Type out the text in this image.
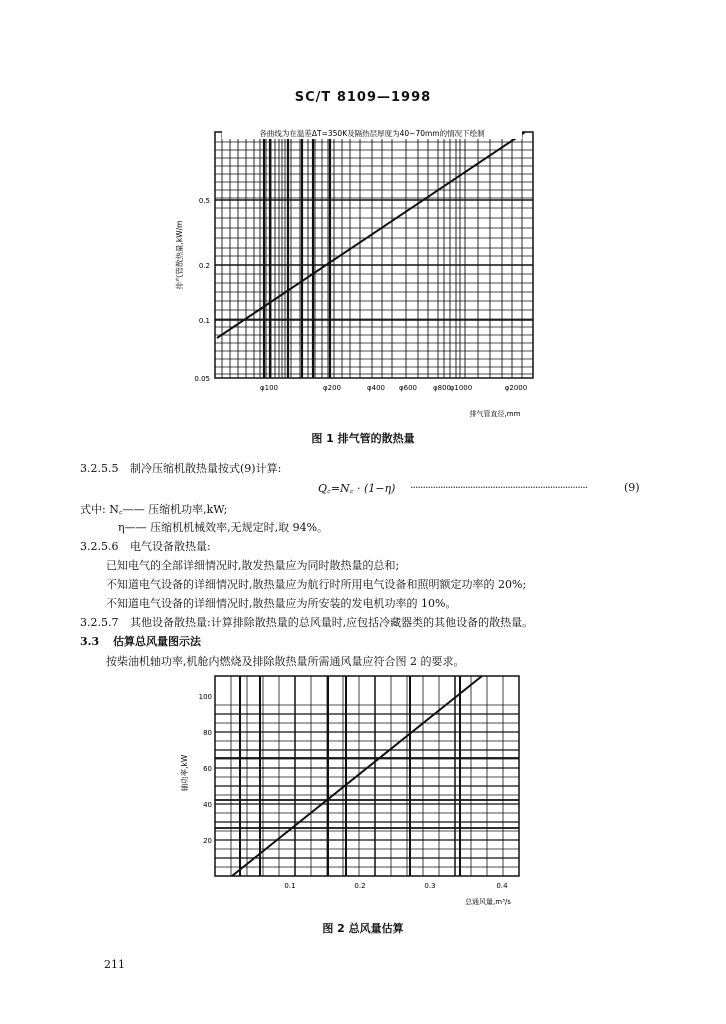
SC/T 8109—1998
各曲线为在温差ΔT=350K及隔热层厚度为40~70mm的情况下绘制
排气管散热量,kW/m
0.05
0.1
0.2
0.5
φ100	φ200	φ400 φ600 φ800
φ1000	φ2000
排气管直径,mm
图 1 排气管的散热量
3.2.5.5 制冷压缩机散热量按式(9)计算:
Q꜀=N꜀ · (1−η) ·······································································	(9)
式中: N꜀—— 压缩机功率,kW;
η—— 压缩机机械效率,无规定时,取 94%。
3.2.5.6 电气设备散热量:
已知电气的全部详细情况时,散发热量应为同时散热量的总和;
不知道电气设备的详细情况时,散热量应为航行时所用电气设备和照明额定功率的 20%;
不知道电气设备的详细情况时,散热量应为所安装的发电机功率的 10%。
3.2.5.7 其他设备散热量:计算排除散热量的总风量时,应包括冷藏器类的其他设备的散热量。
3.3 估算总风量图示法
按柴油机轴功率,机舱内燃烧及排除散热量所需通风量应符合图 2 的要求。
轴功率,kW
20
40
60
80
100
0.1	0.2	0.3	0.4
总通风量,m³/s
图 2 总风量估算
211
